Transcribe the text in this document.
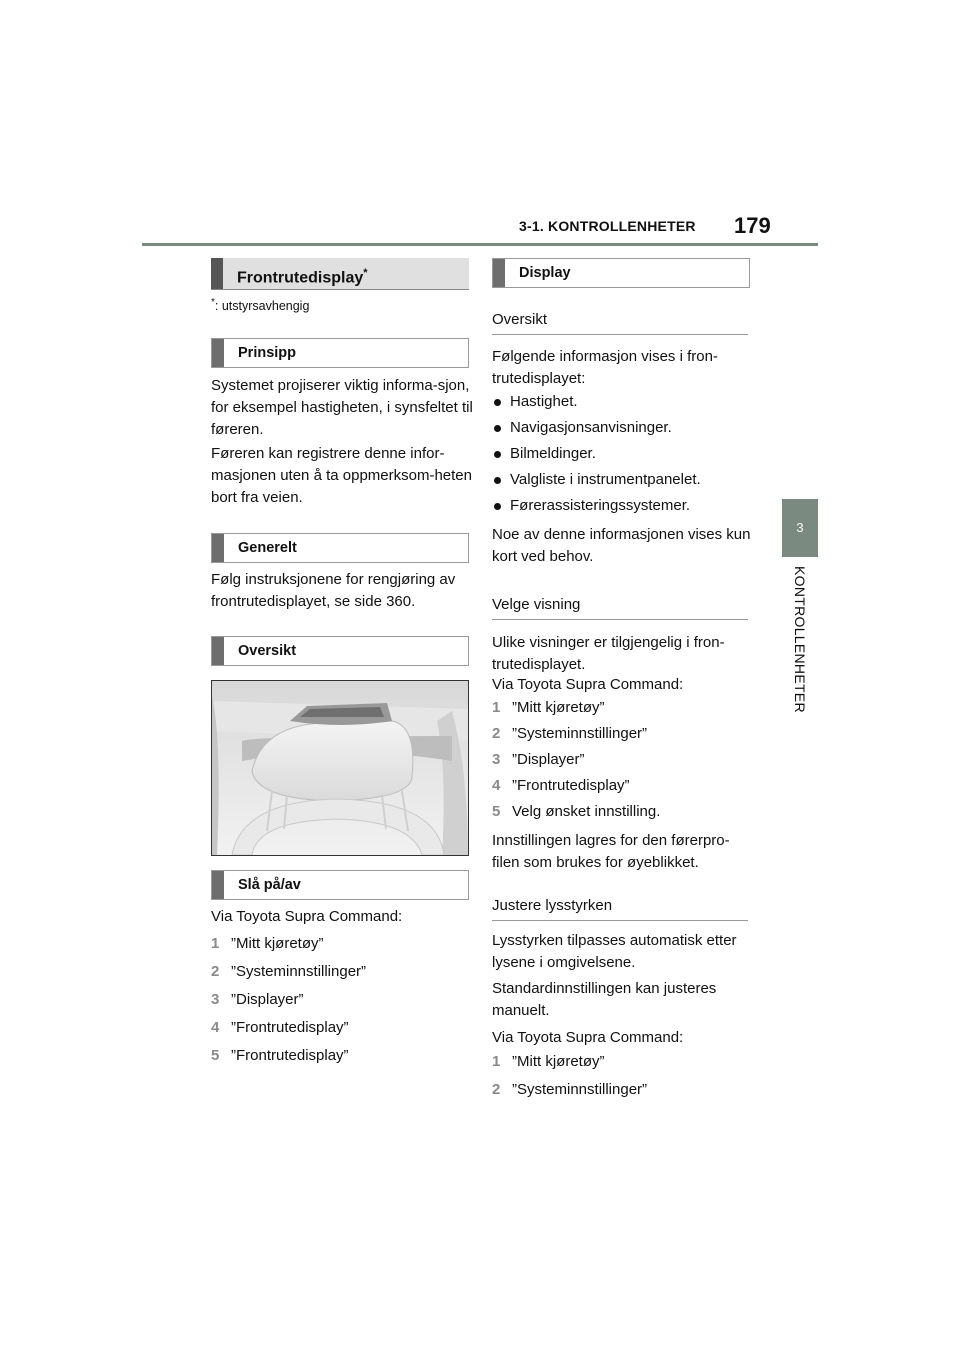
3-1. KONTROLLENHETER 179
3
KONTROLLENHETER
Frontrutedisplay*
*: utstyrsavhengig
Prinsipp
Systemet projiserer viktig informa-sjon, for eksempel hastigheten, i synsfeltet til føreren.
Føreren kan registrere denne infor-masjonen uten å ta oppmerksom-heten bort fra veien.
Generelt
Følg instruksjonene for rengjøring av frontrutedisplayet, se side 360.
Oversikt
Slå på/av
Via Toyota Supra Command:
1 ”Mitt kjøretøy”
2 ”Systeminnstillinger”
3 ”Displayer”
4 ”Frontrutedisplay”
5 ”Frontrutedisplay”
Display
Oversikt
Følgende informasjon vises i fron-trutedisplayet:
Hastighet.
Navigasjonsanvisninger.
Bilmeldinger.
Valgliste i instrumentpanelet.
Førerassisteringssystemer.
Noe av denne informasjonen vises kun kort ved behov.
Velge visning
Ulike visninger er tilgjengelig i fron-trutedisplayet.
Via Toyota Supra Command:
1 ”Mitt kjøretøy”
2 ”Systeminnstillinger”
3 ”Displayer”
4 ”Frontrutedisplay”
5 Velg ønsket innstilling.
Innstillingen lagres for den førerpro-filen som brukes for øyeblikket.
Justere lysstyrken
Lysstyrken tilpasses automatisk etter lysene i omgivelsene.
Standardinnstillingen kan justeres manuelt.
Via Toyota Supra Command:
1 ”Mitt kjøretøy”
2 ”Systeminnstillinger”
